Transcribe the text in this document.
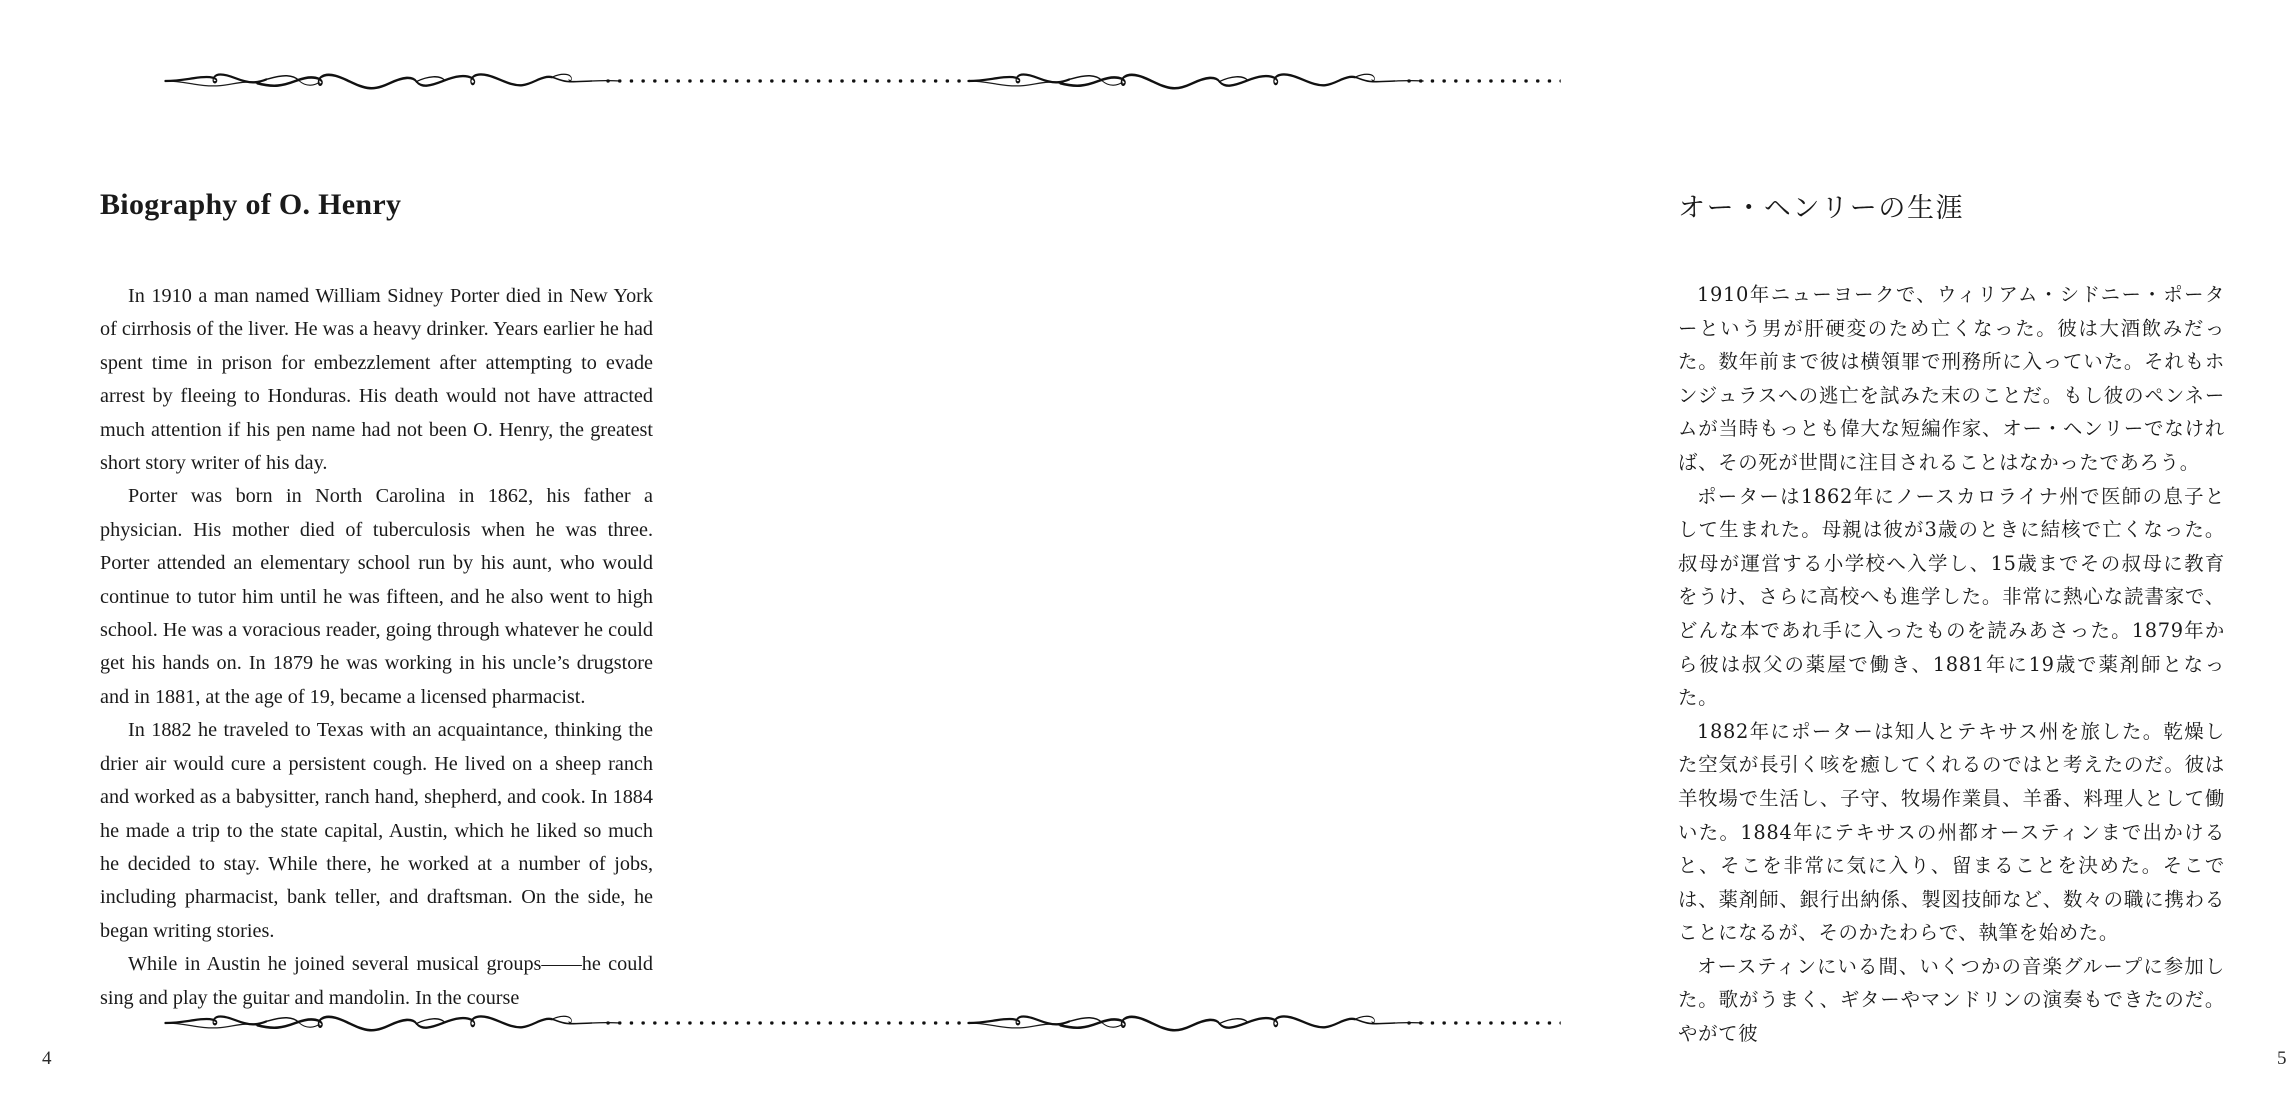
Biography of O. Henry

In 1910 a man named William Sidney Porter died in New York of cirrhosis of the liver. He was a heavy drinker. Years earlier he had spent time in prison for embezzlement after attempting to evade arrest by fleeing to Honduras. His death would not have attracted much attention if his pen name had not been O. Henry, the greatest short story writer of his day.

Porter was born in North Carolina in 1862, his father a physician. His mother died of tuberculosis when he was three. Porter attended an elementary school run by his aunt, who would continue to tutor him until he was fifteen, and he also went to high school. He was a voracious reader, going through whatever he could get his hands on. In 1879 he was working in his uncle’s drugstore and in 1881, at the age of 19, became a licensed pharmacist.

In 1882 he traveled to Texas with an acquaintance, thinking the drier air would cure a persistent cough. He lived on a sheep ranch and worked as a babysitter, ranch hand, shepherd, and cook. In 1884 he made a trip to the state capital, Austin, which he liked so much he decided to stay. While there, he worked at a number of jobs, including pharmacist, bank teller, and draftsman. On the side, he began writing stories.

While in Austin he joined several musical groups——he could sing and play the guitar and mandolin. In the course

4
オー・ヘンリーの生涯

1910年ニューヨークで、ウィリアム・シドニー・ポーターという男が肝硬変のため亡くなった。彼は大酒飲みだった。数年前まで彼は横領罪で刑務所に入っていた。それもホンジュラスへの逃亡を試みた末のことだ。もし彼のペンネームが当時もっとも偉大な短編作家、オー・ヘンリーでなければ、その死が世間に注目されることはなかったであろう。

ポーターは1862年にノースカロライナ州で医師の息子として生まれた。母親は彼が3歳のときに結核で亡くなった。叔母が運営する小学校へ入学し、15歳までその叔母に教育をうけ、さらに高校へも進学した。非常に熱心な読書家で、どんな本であれ手に入ったものを読みあさった。1879年から彼は叔父の薬屋で働き、1881年に19歳で薬剤師となった。

1882年にポーターは知人とテキサス州を旅した。乾燥した空気が長引く咳を癒してくれるのではと考えたのだ。彼は羊牧場で生活し、子守、牧場作業員、羊番、料理人として働いた。1884年にテキサスの州都オースティンまで出かけると、そこを非常に気に入り、留まることを決めた。そこでは、薬剤師、銀行出納係、製図技師など、数々の職に携わることになるが、そのかたわらで、執筆を始めた。

オースティンにいる間、いくつかの音楽グループに参加した。歌がうまく、ギターやマンドリンの演奏もできたのだ。やがて彼

5
